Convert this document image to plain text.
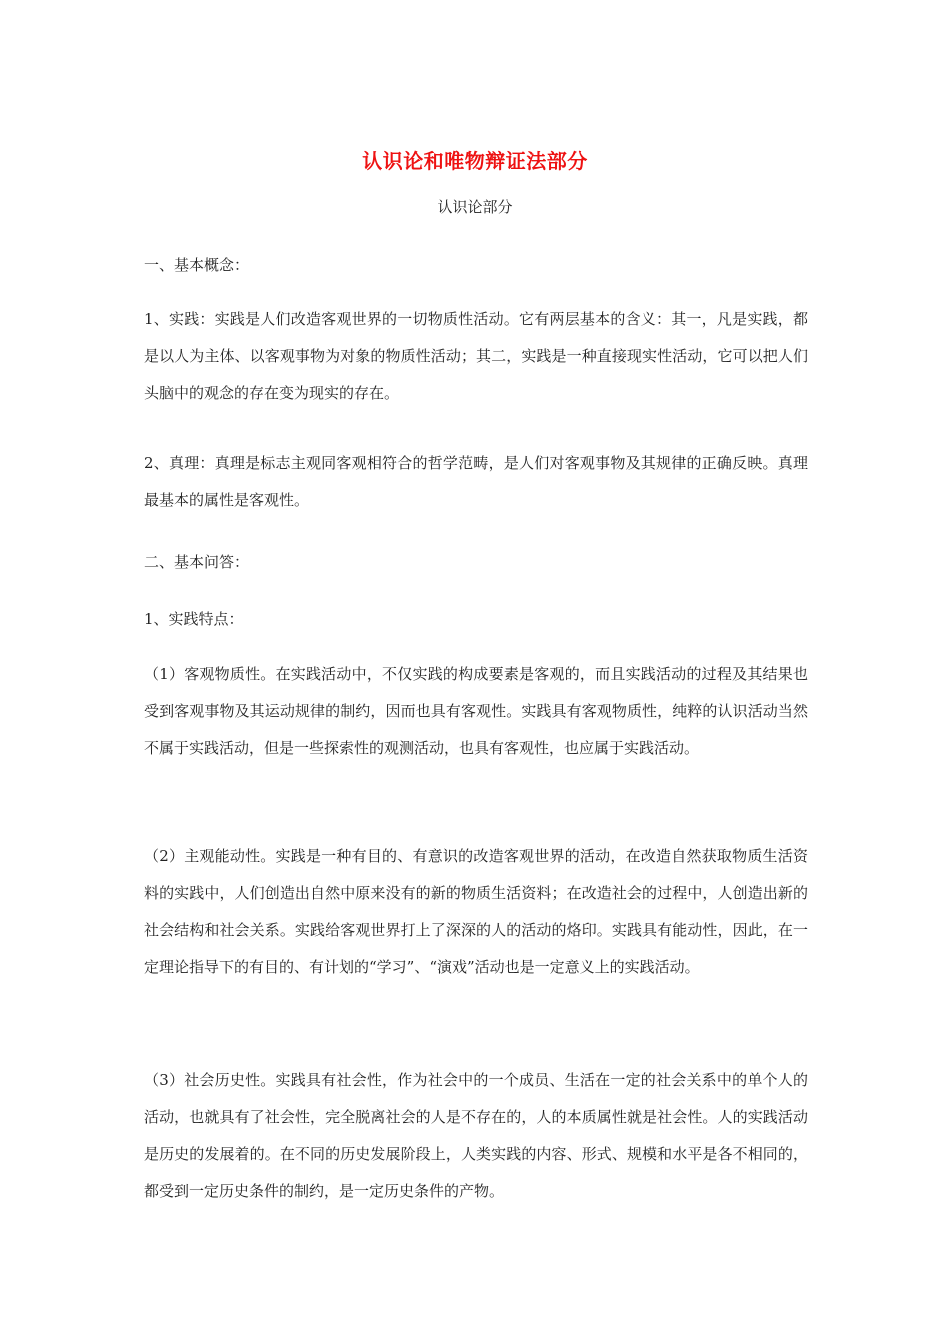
认识论和唯物辩证法部分
认识论部分

一、基本概念：

1、实践：实践是人们改造客观世界的一切物质性活动。它有两层基本的含义：其一，凡是实践，都是以人为主体、以客观事物为对象的物质性活动；其二，实践是一种直接现实性活动，它可以把人们头脑中的观念的存在变为现实的存在。

2、真理：真理是标志主观同客观相符合的哲学范畴，是人们对客观事物及其规律的正确反映。真理最基本的属性是客观性。

二、基本问答：

1、实践特点：

（1）客观物质性。在实践活动中，不仅实践的构成要素是客观的，而且实践活动的过程及其结果也受到客观事物及其运动规律的制约，因而也具有客观性。实践具有客观物质性，纯粹的认识活动当然不属于实践活动，但是一些探索性的观测活动，也具有客观性，也应属于实践活动。

（2）主观能动性。实践是一种有目的、有意识的改造客观世界的活动，在改造自然获取物质生活资料的实践中，人们创造出自然中原来没有的新的物质生活资料；在改造社会的过程中，人创造出新的社会结构和社会关系。实践给客观世界打上了深深的人的活动的烙印。实践具有能动性，因此，在一定理论指导下的有目的、有计划的“学习”、“演戏”活动也是一定意义上的实践活动。

（3）社会历史性。实践具有社会性，作为社会中的一个成员、生活在一定的社会关系中的单个人的活动，也就具有了社会性，完全脱离社会的人是不存在的，人的本质属性就是社会性。人的实践活动是历史的发展着的。在不同的历史发展阶段上，人类实践的内容、形式、规模和水平是各不相同的，都受到一定历史条件的制约，是一定历史条件的产物。
